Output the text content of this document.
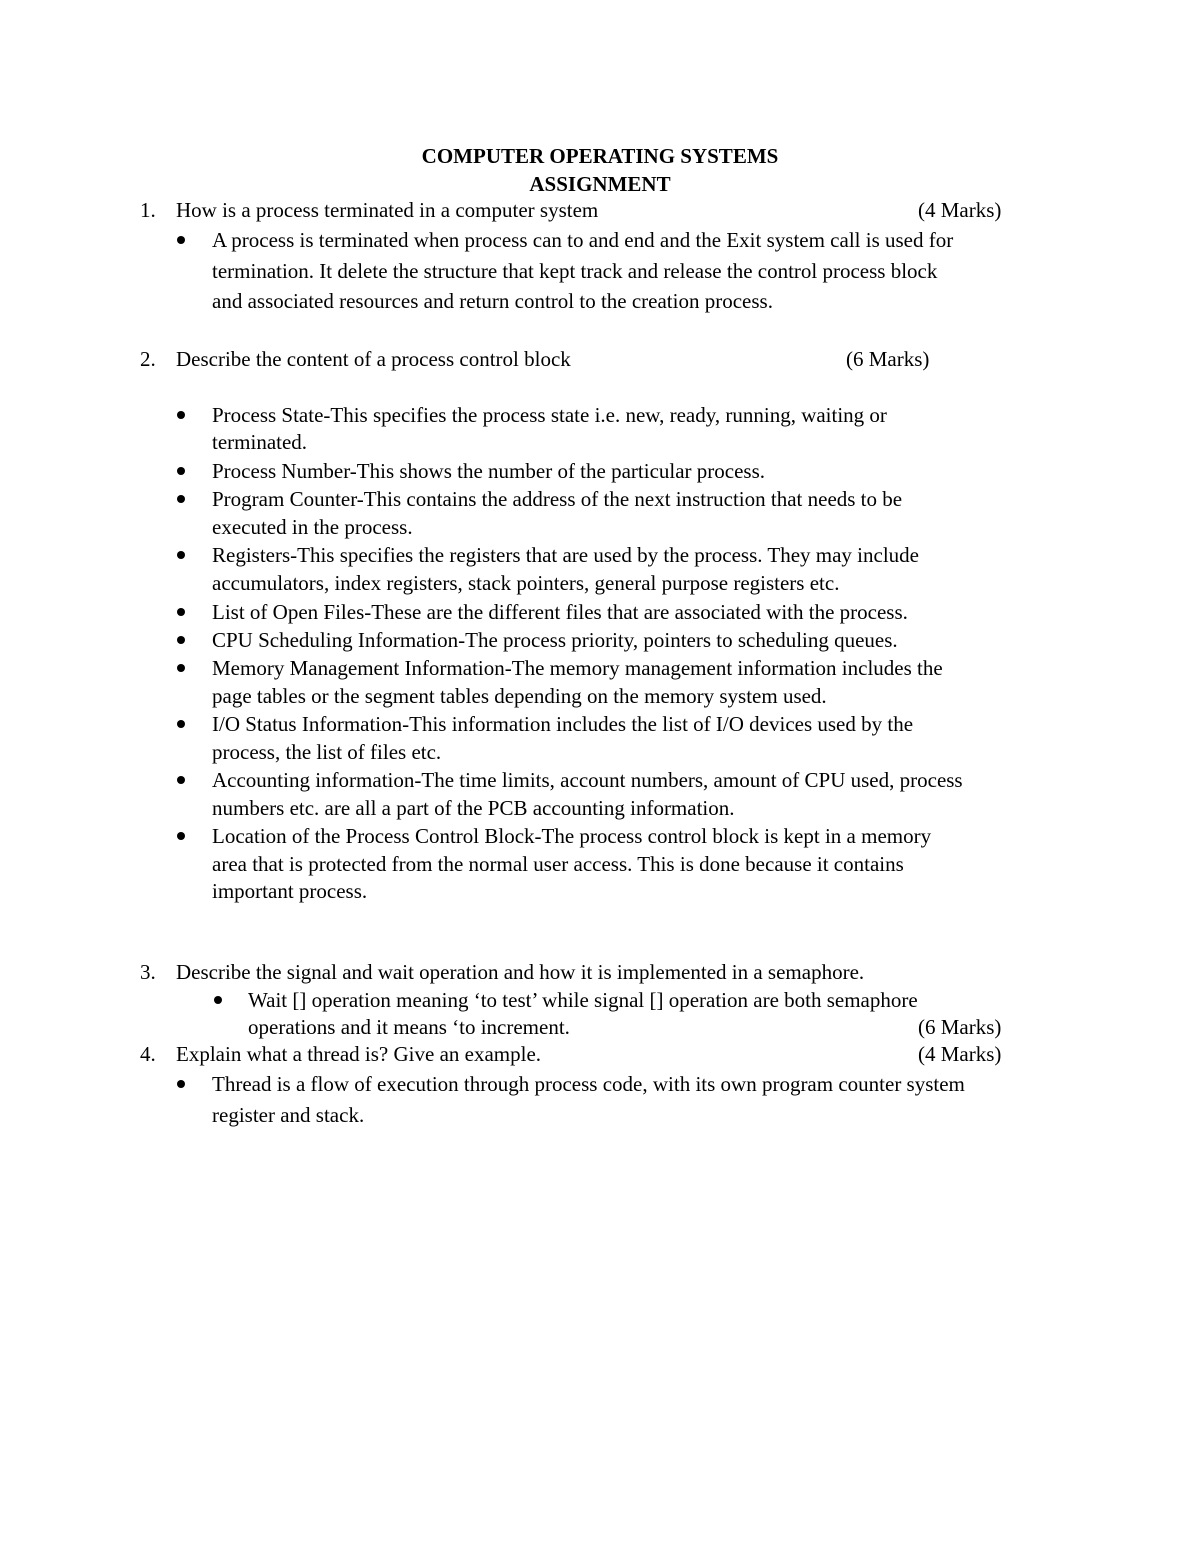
COMPUTER OPERATING SYSTEMS
ASSIGNMENT
1. How is a process terminated in a computer system	(4 Marks)
A process is terminated when process can to and end and the Exit system call is used for
termination. It delete the structure that kept track and release the control process block
and associated resources and return control to the creation process.
2. Describe the content of a process control block	(6 Marks)
Process State-This specifies the process state i.e. new, ready, running, waiting or
terminated.
Process Number-This shows the number of the particular process.
Program Counter-This contains the address of the next instruction that needs to be
executed in the process.
Registers-This specifies the registers that are used by the process. They may include
accumulators, index registers, stack pointers, general purpose registers etc.
List of Open Files-These are the different files that are associated with the process.
CPU Scheduling Information-The process priority, pointers to scheduling queues.
Memory Management Information-The memory management information includes the
page tables or the segment tables depending on the memory system used.
I/O Status Information-This information includes the list of I/O devices used by the
process, the list of files etc.
Accounting information-The time limits, account numbers, amount of CPU used, process
numbers etc. are all a part of the PCB accounting information.
Location of the Process Control Block-The process control block is kept in a memory
area that is protected from the normal user access. This is done because it contains
important process.
3. Describe the signal and wait operation and how it is implemented in a semaphore.
Wait [] operation meaning ‘to test’ while signal [] operation are both semaphore
operations and it means ‘to increment.	(6 Marks)
4. Explain what a thread is? Give an example.	(4 Marks)
Thread is a flow of execution through process code, with its own program counter system
register and stack.
